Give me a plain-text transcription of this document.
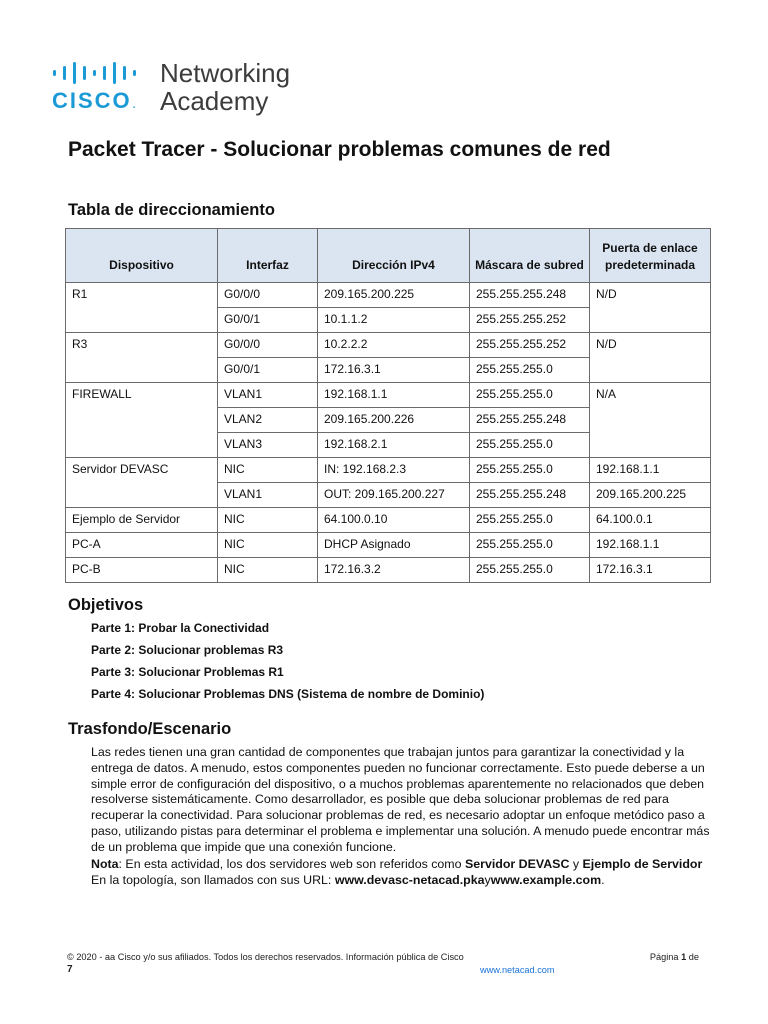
CISCO.
Networking
Academy
Packet Tracer - Solucionar problemas comunes de red
Tabla de direccionamiento
Dispositivo	Interfaz	Dirección IPv4	Máscara de subred	Puerta de enlace predeterminada
R1	G0/0/0	209.165.200.225	255.255.255.248	N/D
	G0/0/1	10.1.1.2	255.255.255.252	
R3	G0/0/0	10.2.2.2	255.255.255.252	N/D
	G0/0/1	172.16.3.1	255.255.255.0	
FIREWALL	VLAN1	192.168.1.1	255.255.255.0	N/A
	VLAN2	209.165.200.226	255.255.255.248	
	VLAN3	192.168.2.1	255.255.255.0	
Servidor DEVASC	NIC	IN: 192.168.2.3	255.255.255.0	192.168.1.1
	VLAN1	OUT: 209.165.200.227	255.255.255.248	209.165.200.225
Ejemplo de Servidor	NIC	64.100.0.10	255.255.255.0	64.100.0.1
PC-A	NIC	DHCP Asignado	255.255.255.0	192.168.1.1
PC-B	NIC	172.16.3.2	255.255.255.0	172.16.3.1
Objetivos
Parte 1: Probar la Conectividad
Parte 2: Solucionar problemas R3
Parte 3: Solucionar Problemas R1
Parte 4: Solucionar Problemas DNS (Sistema de nombre de Dominio)
Trasfondo/Escenario
Las redes tienen una gran cantidad de componentes que trabajan juntos para garantizar la conectividad y la entrega de datos. A menudo, estos componentes pueden no funcionar correctamente. Esto puede deberse a un simple error de configuración del dispositivo, o a muchos problemas aparentemente no relacionados que deben resolverse sistemáticamente. Como desarrollador, es posible que deba solucionar problemas de red para recuperar la conectividad. Para solucionar problemas de red, es necesario adoptar un enfoque metódico paso a paso, utilizando pistas para determinar el problema e implementar una solución. A menudo puede encontrar más de un problema que impide que una conexión funcione.
Nota: En esta actividad, los dos servidores web son referidos como Servidor DEVASC y Ejemplo de Servidor En la topología, son llamados con sus URL: www.devasc-netacad.pkaywww.example.com.
© 2020 - aa Cisco y/o sus afiliados. Todos los derechos reservados. Información pública de Cisco	Página 1 de
7	www.netacad.com
